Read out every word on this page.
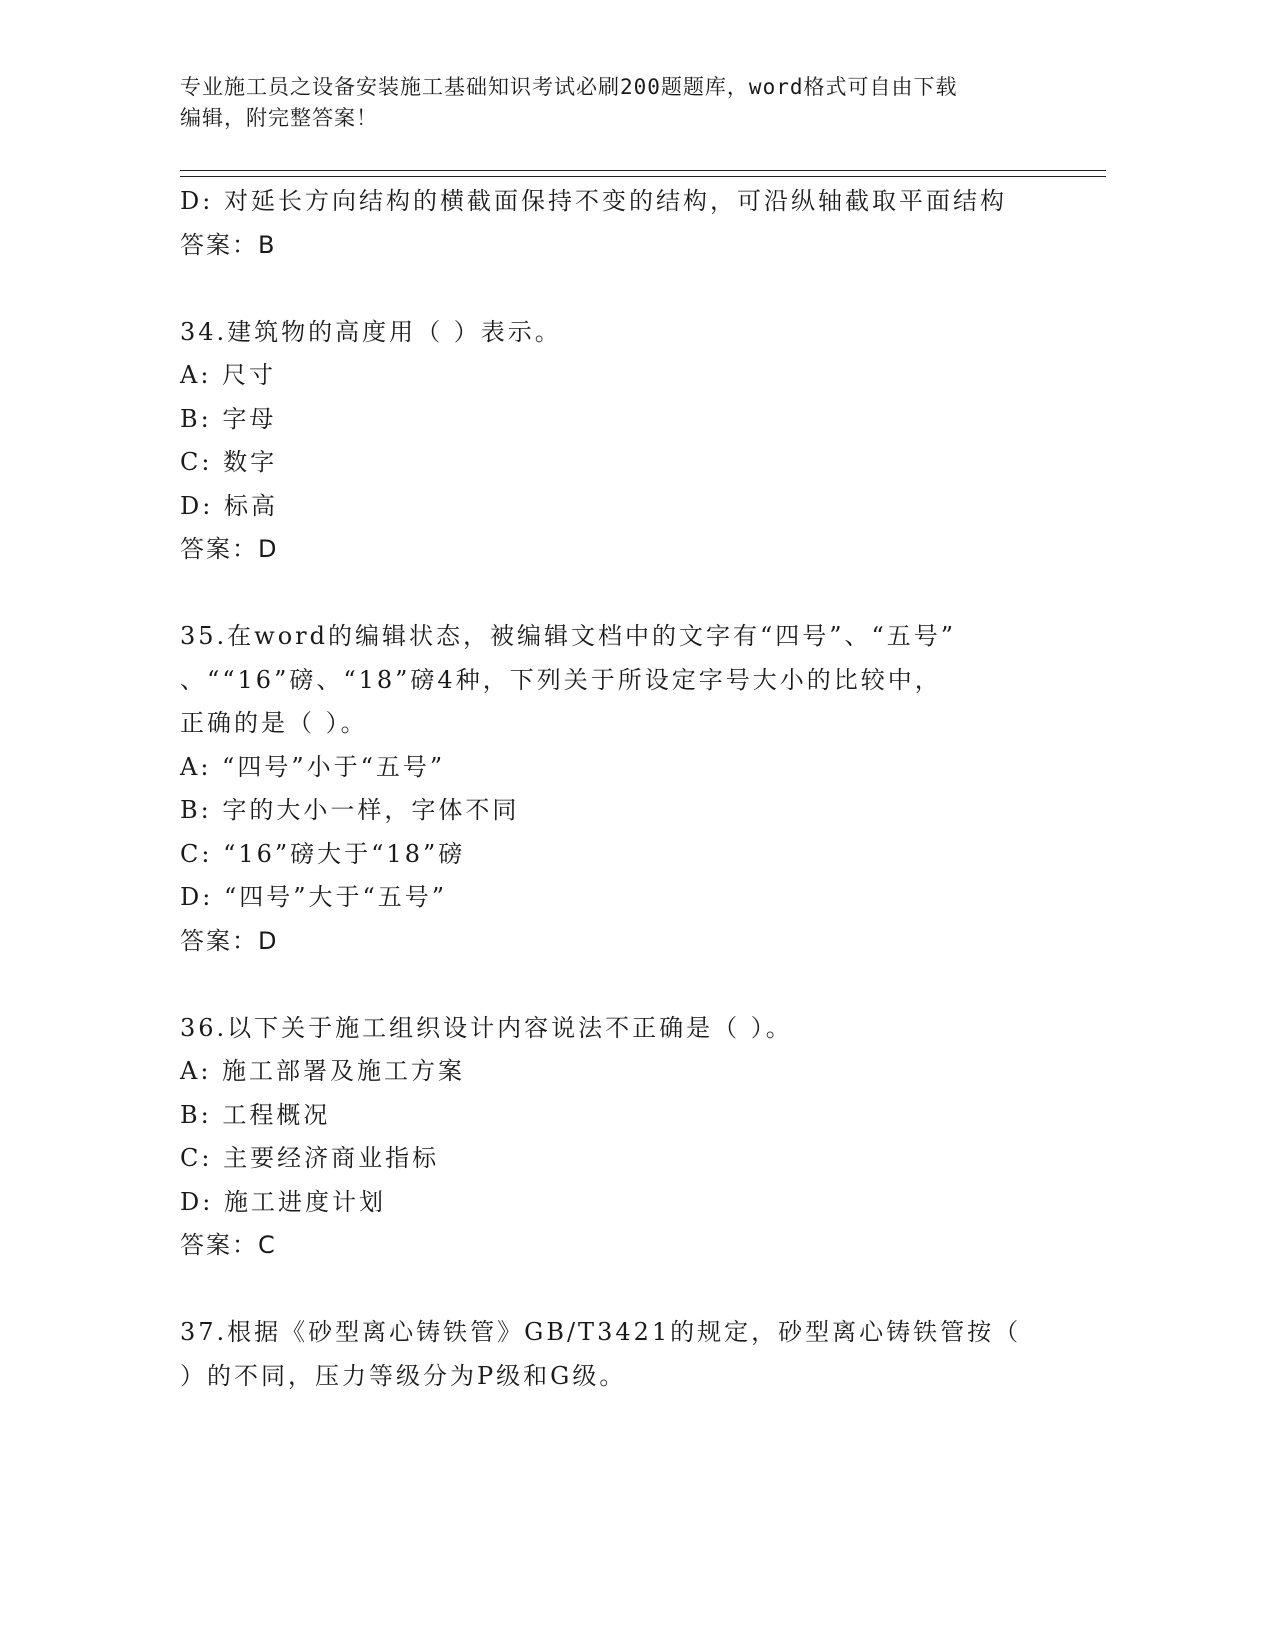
专业施工员之设备安装施工基础知识考试必刷200题题库，word格式可自由下载
编辑，附完整答案！
D: 对延长方向结构的横截面保持不变的结构，可沿纵轴截取平面结构
答案：B
34.建筑物的高度用（ ）表示。
A: 尺寸
B: 字母
C: 数字
D: 标高
答案：D
35.在word的编辑状态，被编辑文档中的文字有“四号”、“五号”
、““16”磅、“18”磅4种，下列关于所设定字号大小的比较中，
正确的是（ ）。
A: “四号”小于“五号”
B: 字的大小一样，字体不同
C: “16”磅大于“18”磅
D: “四号”大于“五号”
答案：D
36.以下关于施工组织设计内容说法不正确是（ ）。
A: 施工部署及施工方案
B: 工程概况
C: 主要经济商业指标
D: 施工进度计划
答案：C
37.根据《砂型离心铸铁管》GB/T3421的规定，砂型离心铸铁管按（
）的不同，压力等级分为P级和G级。
